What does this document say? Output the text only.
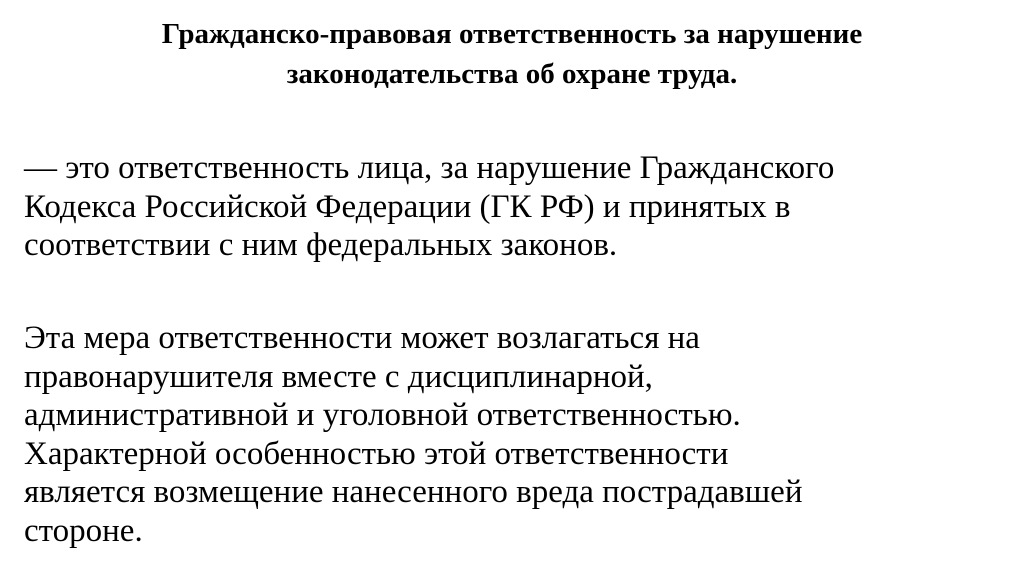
Гражданско-правовая ответственность за нарушение
законодательства об охране труда.

— это ответственность лица, за нарушение Гражданского
Кодекса Российской Федерации (ГК РФ) и принятых в
соответствии с ним федеральных законов.

Эта мера ответственности может возлагаться на
правонарушителя вместе с дисциплинарной,
административной и уголовной ответственностью.
Характерной особенностью этой ответственности
является возмещение нанесенного вреда пострадавшей
стороне.
